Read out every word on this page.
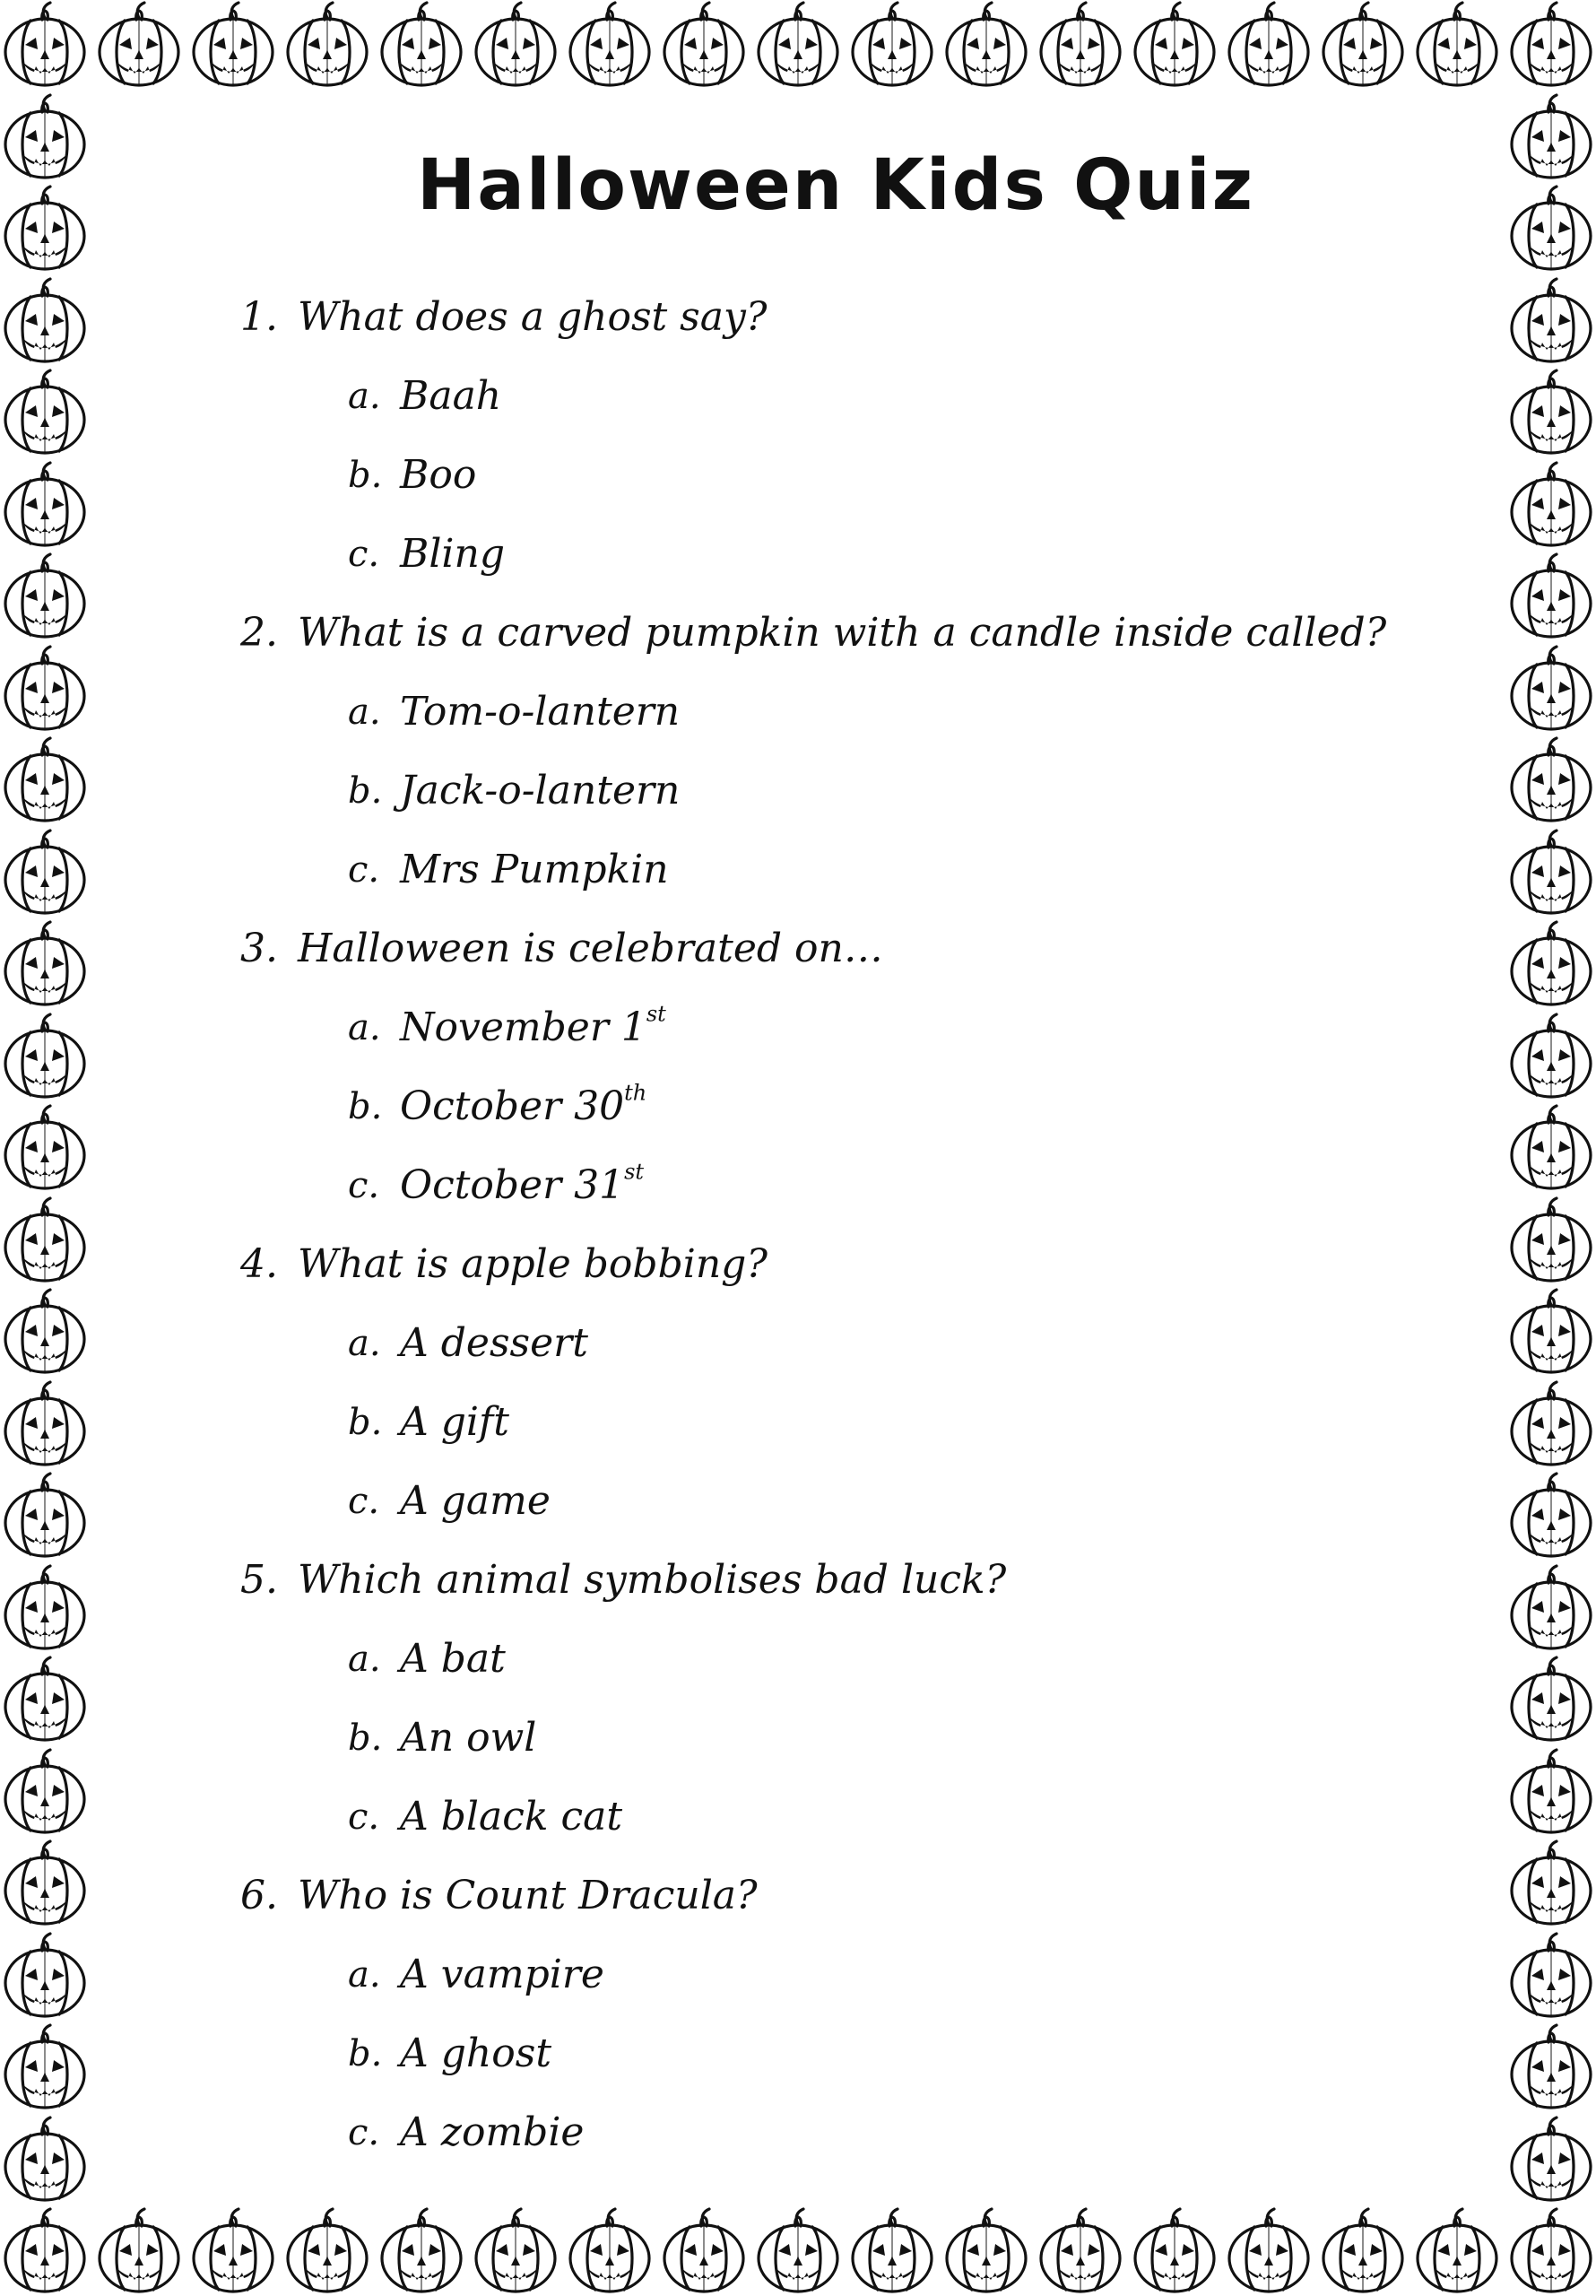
Halloween Kids Quiz
1. What does a ghost say?
a. Baah
b. Boo
c. Bling
2. What is a carved pumpkin with a candle inside called?
a. Tom-o-lantern
b. Jack-o-lantern
c. Mrs Pumpkin
3. Halloween is celebrated on…
a. November 1st
b. October 30th
c. October 31st
4. What is apple bobbing?
a. A dessert
b. A gift
c. A game
5. Which animal symbolises bad luck?
a. A bat
b. An owl
c. A black cat
6. Who is Count Dracula?
a. A vampire
b. A ghost
c. A zombie
